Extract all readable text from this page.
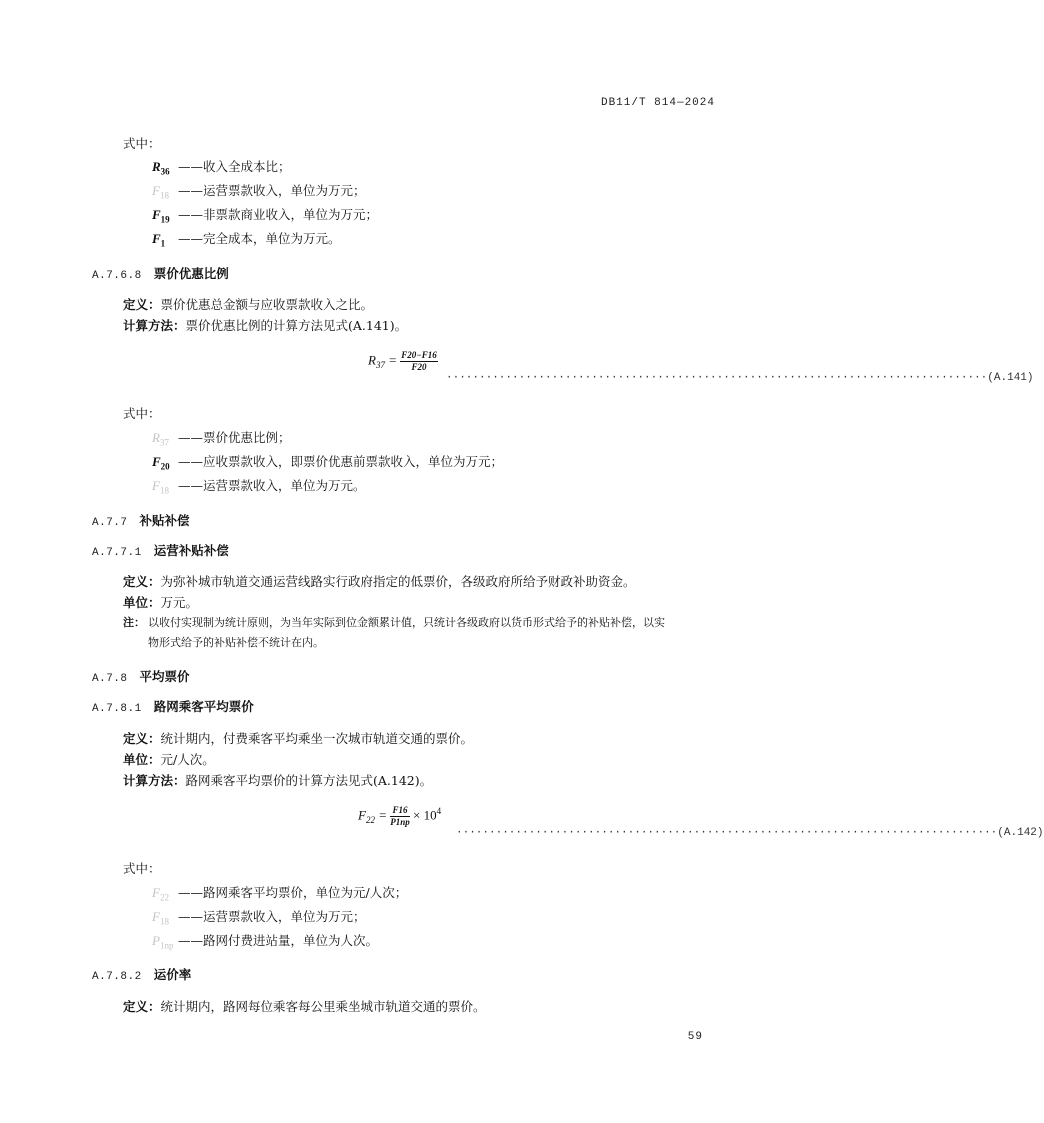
DB11/T 814—2024
式中：
$R_{36}$ ——收入全成本比；
$F_{18}$ ——运营票款收入，单位为万元；
$F_{19}$ ——非票款商业收入，单位为万元；
$F_1$ ——完全成本，单位为万元。
A.7.6.8 票价优惠比例
定义：票价优惠总金额与应收票款收入之比。
计算方法：票价优惠比例的计算方法见式(A.141)。
$R_{37} = \frac{F20-F16}{F20}$
··················································································(A.141)
式中：
$R_{37}$ ——票价优惠比例；
$F_{20}$ ——应收票款收入，即票价优惠前票款收入，单位为万元；
$F_{18}$ ——运营票款收入，单位为万元。
A.7.7 补贴补偿
A.7.7.1 运营补贴补偿
定义：为弥补城市轨道交通运营线路实行政府指定的低票价，各级政府所给予财政补助资金。
单位：万元。
注： 以收付实现制为统计原则，为当年实际到位金额累计值，只统计各级政府以货币形式给予的补贴补偿，以实
物形式给予的补贴补偿不统计在内。
A.7.8 平均票价
A.7.8.1 路网乘客平均票价
定义：统计期内，付费乘客平均乘坐一次城市轨道交通的票价。
单位：元/人次。
计算方法：路网乘客平均票价的计算方法见式(A.142)。
$F_{22} = \frac{F16}{P1np} \times 10^4$
··················································································(A.142)
式中：
$F_{22}$ ——路网乘客平均票价，单位为元/人次；
$F_{18}$ ——运营票款收入，单位为万元；
$P_{1np}$ ——路网付费进站量，单位为人次。
A.7.8.2 运价率
定义：统计期内，路网每位乘客每公里乘坐城市轨道交通的票价。
59
